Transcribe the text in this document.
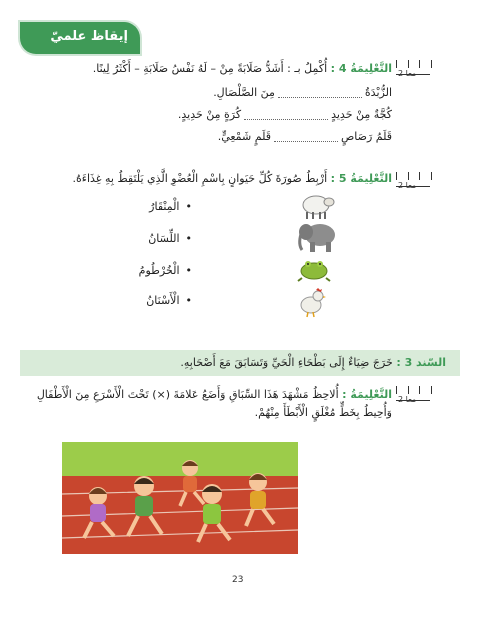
إيقاظ علميّ
معا 2
التَّعْلِيمَةُ 4 : أُكْمِلُ بـ : أَشَدُّ صَلَابَةً مِنْ – لَهُ نَفْسُ صَلَابَةِ – أَكْثَرُ لِينًا.
الزُّبْدَةُمِنَ الصَّلْصَالِ.
كُجَّةٌ مِنْ حَدِيدٍكُرَةٍ مِنْ حَدِيدٍ.
قَلَمُ رَصَاصٍقَلَمٍ شَمْعِيٍّ.
معا 2
التَّعْلِيمَةُ 5 : أَرْبِطُ صُورَةَ كُلِّ حَيَوانٍ بِاسْمِ الْعُضْوِ الَّذِي يَلْتَقِطُ بِهِ غِذَاءَهُ.
•الْمِنْقَارُ
•اللِّسَانُ
•الْخُرْطُومُ
•الْأَسْنَانُ
السّند 3 : خَرَجَ ضِيَاءٌ إِلَى بَطْحَاءِ الْحَيِّ وَتَسَابَقَ مَعَ أَصْحَابِهِ.
معا 2
التَّعْلِيمَةُ : أُلاحِظُ مَشْهَدَ هَذَا السِّبَاقِ وَأَضَعُ عَلامَةَ (×) تَحْتَ الْأَسْرَعِ مِنَ الْأَطْفَالِ
وَأُحِيطُ بِخَطٍّ مُغْلَقٍ الْأَبْطَأَ مِنْهُمْ.
23
